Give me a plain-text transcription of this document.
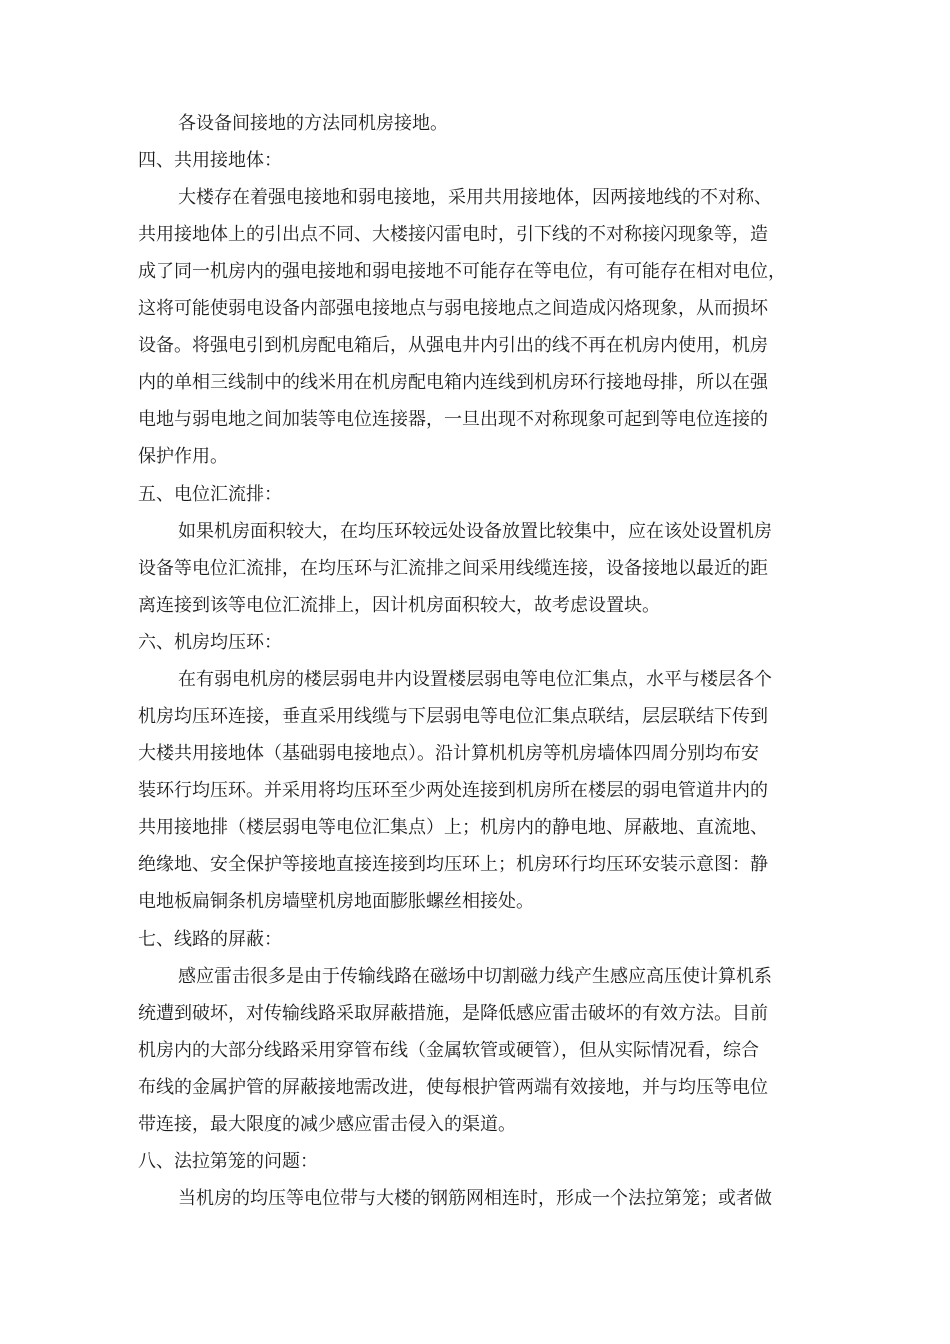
各设备间接地的方法同机房接地。
四、共用接地体：
大楼存在着强电接地和弱电接地，采用共用接地体，因两接地线的不对称、
共用接地体上的引出点不同、大楼接闪雷电时，引下线的不对称接闪现象等，造
成了同一机房内的强电接地和弱电接地不可能存在等电位，有可能存在相对电位，
这将可能使弱电设备内部强电接地点与弱电接地点之间造成闪烙现象，从而损坏
设备。将强电引到机房配电箱后，从强电井内引出的线不再在机房内使用，机房
内的单相三线制中的线米用在机房配电箱内连线到机房环行接地母排，所以在强
电地与弱电地之间加装等电位连接器，一旦出现不对称现象可起到等电位连接的
保护作用。
五、电位汇流排：
如果机房面积较大，在均压环较远处设备放置比较集中，应在该处设置机房
设备等电位汇流排，在均压环与汇流排之间采用线缆连接，设备接地以最近的距
离连接到该等电位汇流排上，因计机房面积较大，故考虑设置块。
六、机房均压环：
在有弱电机房的楼层弱电井内设置楼层弱电等电位汇集点，水平与楼层各个
机房均压环连接，垂直采用线缆与下层弱电等电位汇集点联结，层层联结下传到
大楼共用接地体（基础弱电接地点）。沿计算机机房等机房墙体四周分别均布安
装环行均压环。并采用将均压环至少两处连接到机房所在楼层的弱电管道井内的
共用接地排（楼层弱电等电位汇集点）上；机房内的静电地、屏蔽地、直流地、
绝缘地、安全保护等接地直接连接到均压环上；机房环行均压环安装示意图：静
电地板扁铜条机房墙壁机房地面膨胀螺丝相接处。
七、线路的屏蔽：
感应雷击很多是由于传输线路在磁场中切割磁力线产生感应高压使计算机系
统遭到破坏，对传输线路采取屏蔽措施，是降低感应雷击破坏的有效方法。目前
机房内的大部分线路采用穿管布线（金属软管或硬管），但从实际情况看，综合
布线的金属护管的屏蔽接地需改进，使每根护管两端有效接地，并与均压等电位
带连接，最大限度的减少感应雷击侵入的渠道。
八、法拉第笼的问题：
当机房的均压等电位带与大楼的钢筋网相连时，形成一个法拉第笼；或者做
